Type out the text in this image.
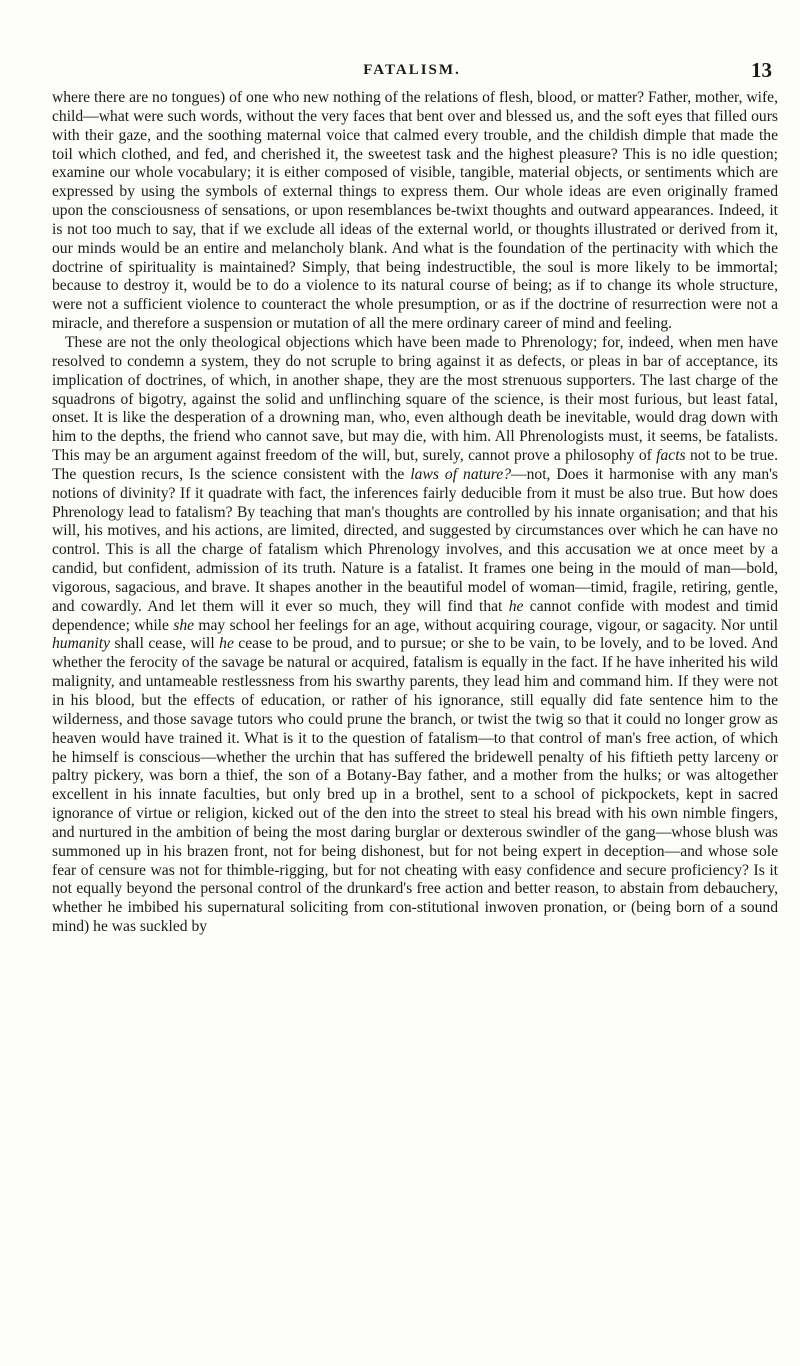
FATALISM.	13

where there are no tongues) of one who new nothing of the relations of flesh, blood, or matter? Father, mother, wife, child—what were such words, without the very faces that bent over and blessed us, and the soft eyes that filled ours with their gaze, and the soothing maternal voice that calmed every trouble, and the childish dimple that made the toil which clothed, and fed, and cherished it, the sweetest task and the highest pleasure? This is no idle question; examine our whole vocabulary; it is either composed of visible, tangible, material objects, or sentiments which are expressed by using the symbols of external things to express them. Our whole ideas are even originally framed upon the consciousness of sensations, or upon resemblances be-twixt thoughts and outward appearances. Indeed, it is not too much to say, that if we exclude all ideas of the external world, or thoughts illustrated or derived from it, our minds would be an entire and melancholy blank. And what is the foundation of the pertinacity with which the doctrine of spirituality is maintained? Simply, that being indestructible, the soul is more likely to be immortal; because to destroy it, would be to do a violence to its natural course of being; as if to change its whole structure, were not a sufficient violence to counteract the whole presumption, or as if the doctrine of resurrection were not a miracle, and therefore a suspension or mutation of all the mere ordinary career of mind and feeling.

These are not the only theological objections which have been made to Phrenology; for, indeed, when men have resolved to condemn a system, they do not scruple to bring against it as defects, or pleas in bar of acceptance, its implication of doctrines, of which, in another shape, they are the most strenuous supporters. The last charge of the squadrons of bigotry, against the solid and unflinching square of the science, is their most furious, but least fatal, onset. It is like the desperation of a drowning man, who, even although death be inevitable, would drag down with him to the depths, the friend who cannot save, but may die, with him. All Phrenologists must, it seems, be fatalists. This may be an argument against freedom of the will, but, surely, cannot prove a philosophy of facts not to be true. The question recurs, Is the science consistent with the laws of nature?—not, Does it harmonise with any man's notions of divinity? If it quadrate with fact, the inferences fairly deducible from it must be also true. But how does Phrenology lead to fatalism? By teaching that man's thoughts are controlled by his innate organisation; and that his will, his motives, and his actions, are limited, directed, and suggested by circumstances over which he can have no control. This is all the charge of fatalism which Phrenology involves, and this accusation we at once meet by a candid, but confident, admission of its truth. Nature is a fatalist. It frames one being in the mould of man—bold, vigorous, sagacious, and brave. It shapes another in the beautiful model of woman—timid, fragile, retiring, gentle, and cowardly. And let them will it ever so much, they will find that he cannot confide with modest and timid dependence; while she may school her feelings for an age, without acquiring courage, vigour, or sagacity. Nor until humanity shall cease, will he cease to be proud, and to pursue; or she to be vain, to be lovely, and to be loved. And whether the ferocity of the savage be natural or acquired, fatalism is equally in the fact. If he have inherited his wild malignity, and untameable restlessness from his swarthy parents, they lead him and command him. If they were not in his blood, but the effects of education, or rather of his ignorance, still equally did fate sentence him to the wilderness, and those savage tutors who could prune the branch, or twist the twig so that it could no longer grow as heaven would have trained it. What is it to the question of fatalism—to that control of man's free action, of which he himself is conscious—whether the urchin that has suffered the bridewell penalty of his fiftieth petty larceny or paltry pickery, was born a thief, the son of a Botany-Bay father, and a mother from the hulks; or was altogether excellent in his innate faculties, but only bred up in a brothel, sent to a school of pickpockets, kept in sacred ignorance of virtue or religion, kicked out of the den into the street to steal his bread with his own nimble fingers, and nurtured in the ambition of being the most daring burglar or dexterous swindler of the gang—whose blush was summoned up in his brazen front, not for being dishonest, but for not being expert in deception—and whose sole fear of censure was not for thimble-rigging, but for not cheating with easy confidence and secure proficiency? Is it not equally beyond the personal control of the drunkard's free action and better reason, to abstain from debauchery, whether he imbibed his supernatural soliciting from con-stitutional inwoven pronation, or (being born of a sound mind) he was suckled by
